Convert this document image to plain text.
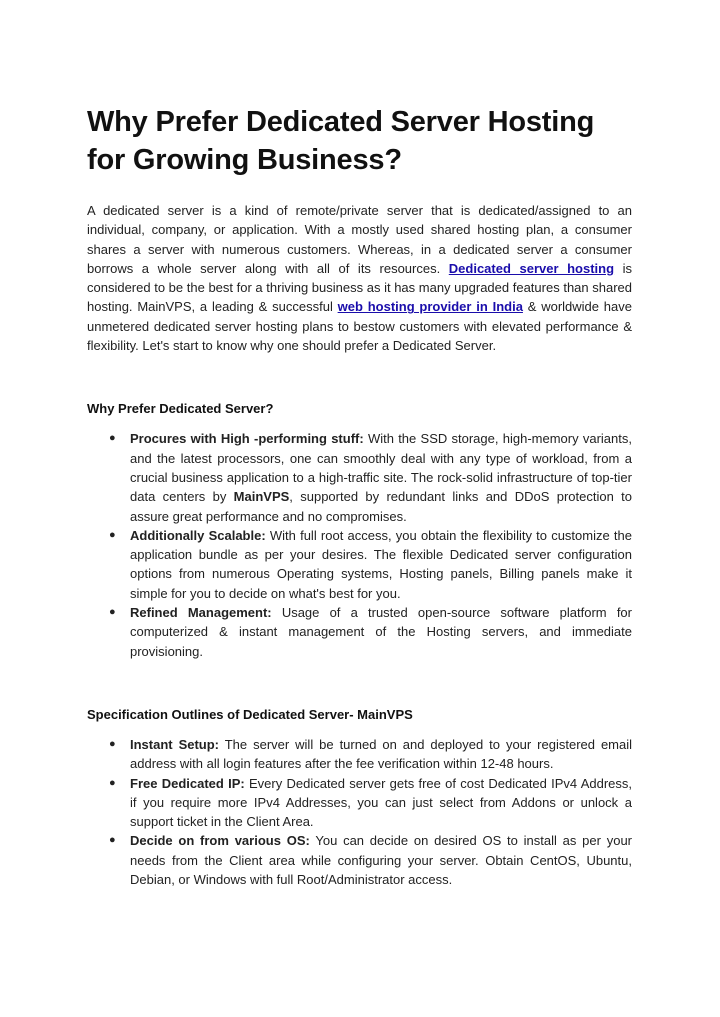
Why Prefer Dedicated Server Hosting for Growing Business?

A dedicated server is a kind of remote/private server that is dedicated/assigned to an individual, company, or application. With a mostly used shared hosting plan, a consumer shares a server with numerous customers. Whereas, in a dedicated server a consumer borrows a whole server along with all of its resources. Dedicated server hosting is considered to be the best for a thriving business as it has many upgraded features than shared hosting. MainVPS, a leading & successful web hosting provider in India & worldwide have unmetered dedicated server hosting plans to bestow customers with elevated performance & flexibility. Let's start to know why one should prefer a Dedicated Server.

Why Prefer Dedicated Server?
● Procures with High -performing stuff: With the SSD storage, high-memory variants, and the latest processors, one can smoothly deal with any type of workload, from a crucial business application to a high-traffic site. The rock-solid infrastructure of top-tier data centers by MainVPS, supported by redundant links and DDoS protection to assure great performance and no compromises.
● Additionally Scalable: With full root access, you obtain the flexibility to customize the application bundle as per your desires. The flexible Dedicated server configuration options from numerous Operating systems, Hosting panels, Billing panels make it simple for you to decide on what's best for you.
● Refined Management: Usage of a trusted open-source software platform for computerized & instant management of the Hosting servers, and immediate provisioning.
Specification Outlines of Dedicated Server- MainVPS
● Instant Setup: The server will be turned on and deployed to your registered email address with all login features after the fee verification within 12-48 hours.
● Free Dedicated IP: Every Dedicated server gets free of cost Dedicated IPv4 Address, if you require more IPv4 Addresses, you can just select from Addons or unlock a support ticket in the Client Area.
● Decide on from various OS: You can decide on desired OS to install as per your needs from the Client area while configuring your server. Obtain CentOS, Ubuntu, Debian, or Windows with full Root/Administrator access.
